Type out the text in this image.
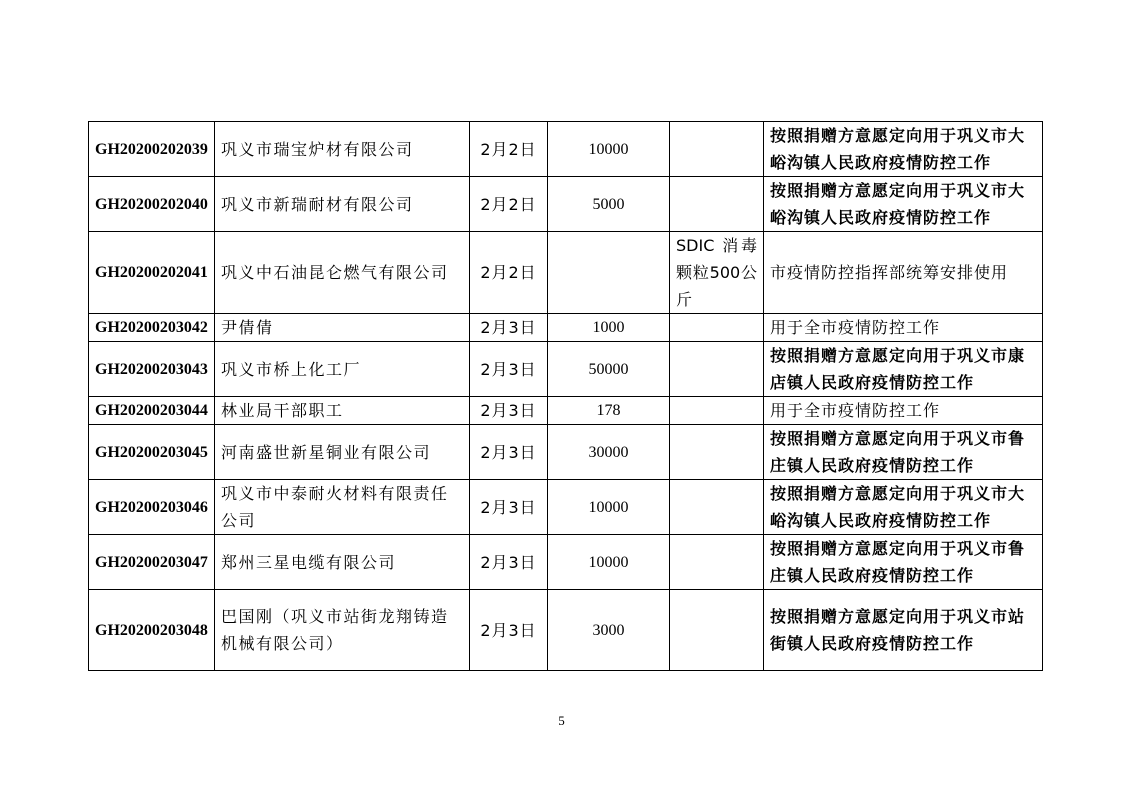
GH20200202039	巩义市瑞宝炉材有限公司	2月2日	10000		按照捐赠方意愿定向用于巩义市大峪沟镇人民政府疫情防控工作
GH20200202040	巩义市新瑞耐材有限公司	2月2日	5000		按照捐赠方意愿定向用于巩义市大峪沟镇人民政府疫情防控工作
GH20200202041	巩义中石油昆仑燃气有限公司	2月2日		SDIC 消毒颗粒500公斤	市疫情防控指挥部统筹安排使用
GH20200203042	尹倩倩	2月3日	1000		用于全市疫情防控工作
GH20200203043	巩义市桥上化工厂	2月3日	50000		按照捐赠方意愿定向用于巩义市康店镇人民政府疫情防控工作
GH20200203044	林业局干部职工	2月3日	178		用于全市疫情防控工作
GH20200203045	河南盛世新星铜业有限公司	2月3日	30000		按照捐赠方意愿定向用于巩义市鲁庄镇人民政府疫情防控工作
GH20200203046	巩义市中泰耐火材料有限责任公司	2月3日	10000		按照捐赠方意愿定向用于巩义市大峪沟镇人民政府疫情防控工作
GH20200203047	郑州三星电缆有限公司	2月3日	10000		按照捐赠方意愿定向用于巩义市鲁庄镇人民政府疫情防控工作
GH20200203048	巴国刚（巩义市站街龙翔铸造机械有限公司）	2月3日	3000		按照捐赠方意愿定向用于巩义市站街镇人民政府疫情防控工作
5
